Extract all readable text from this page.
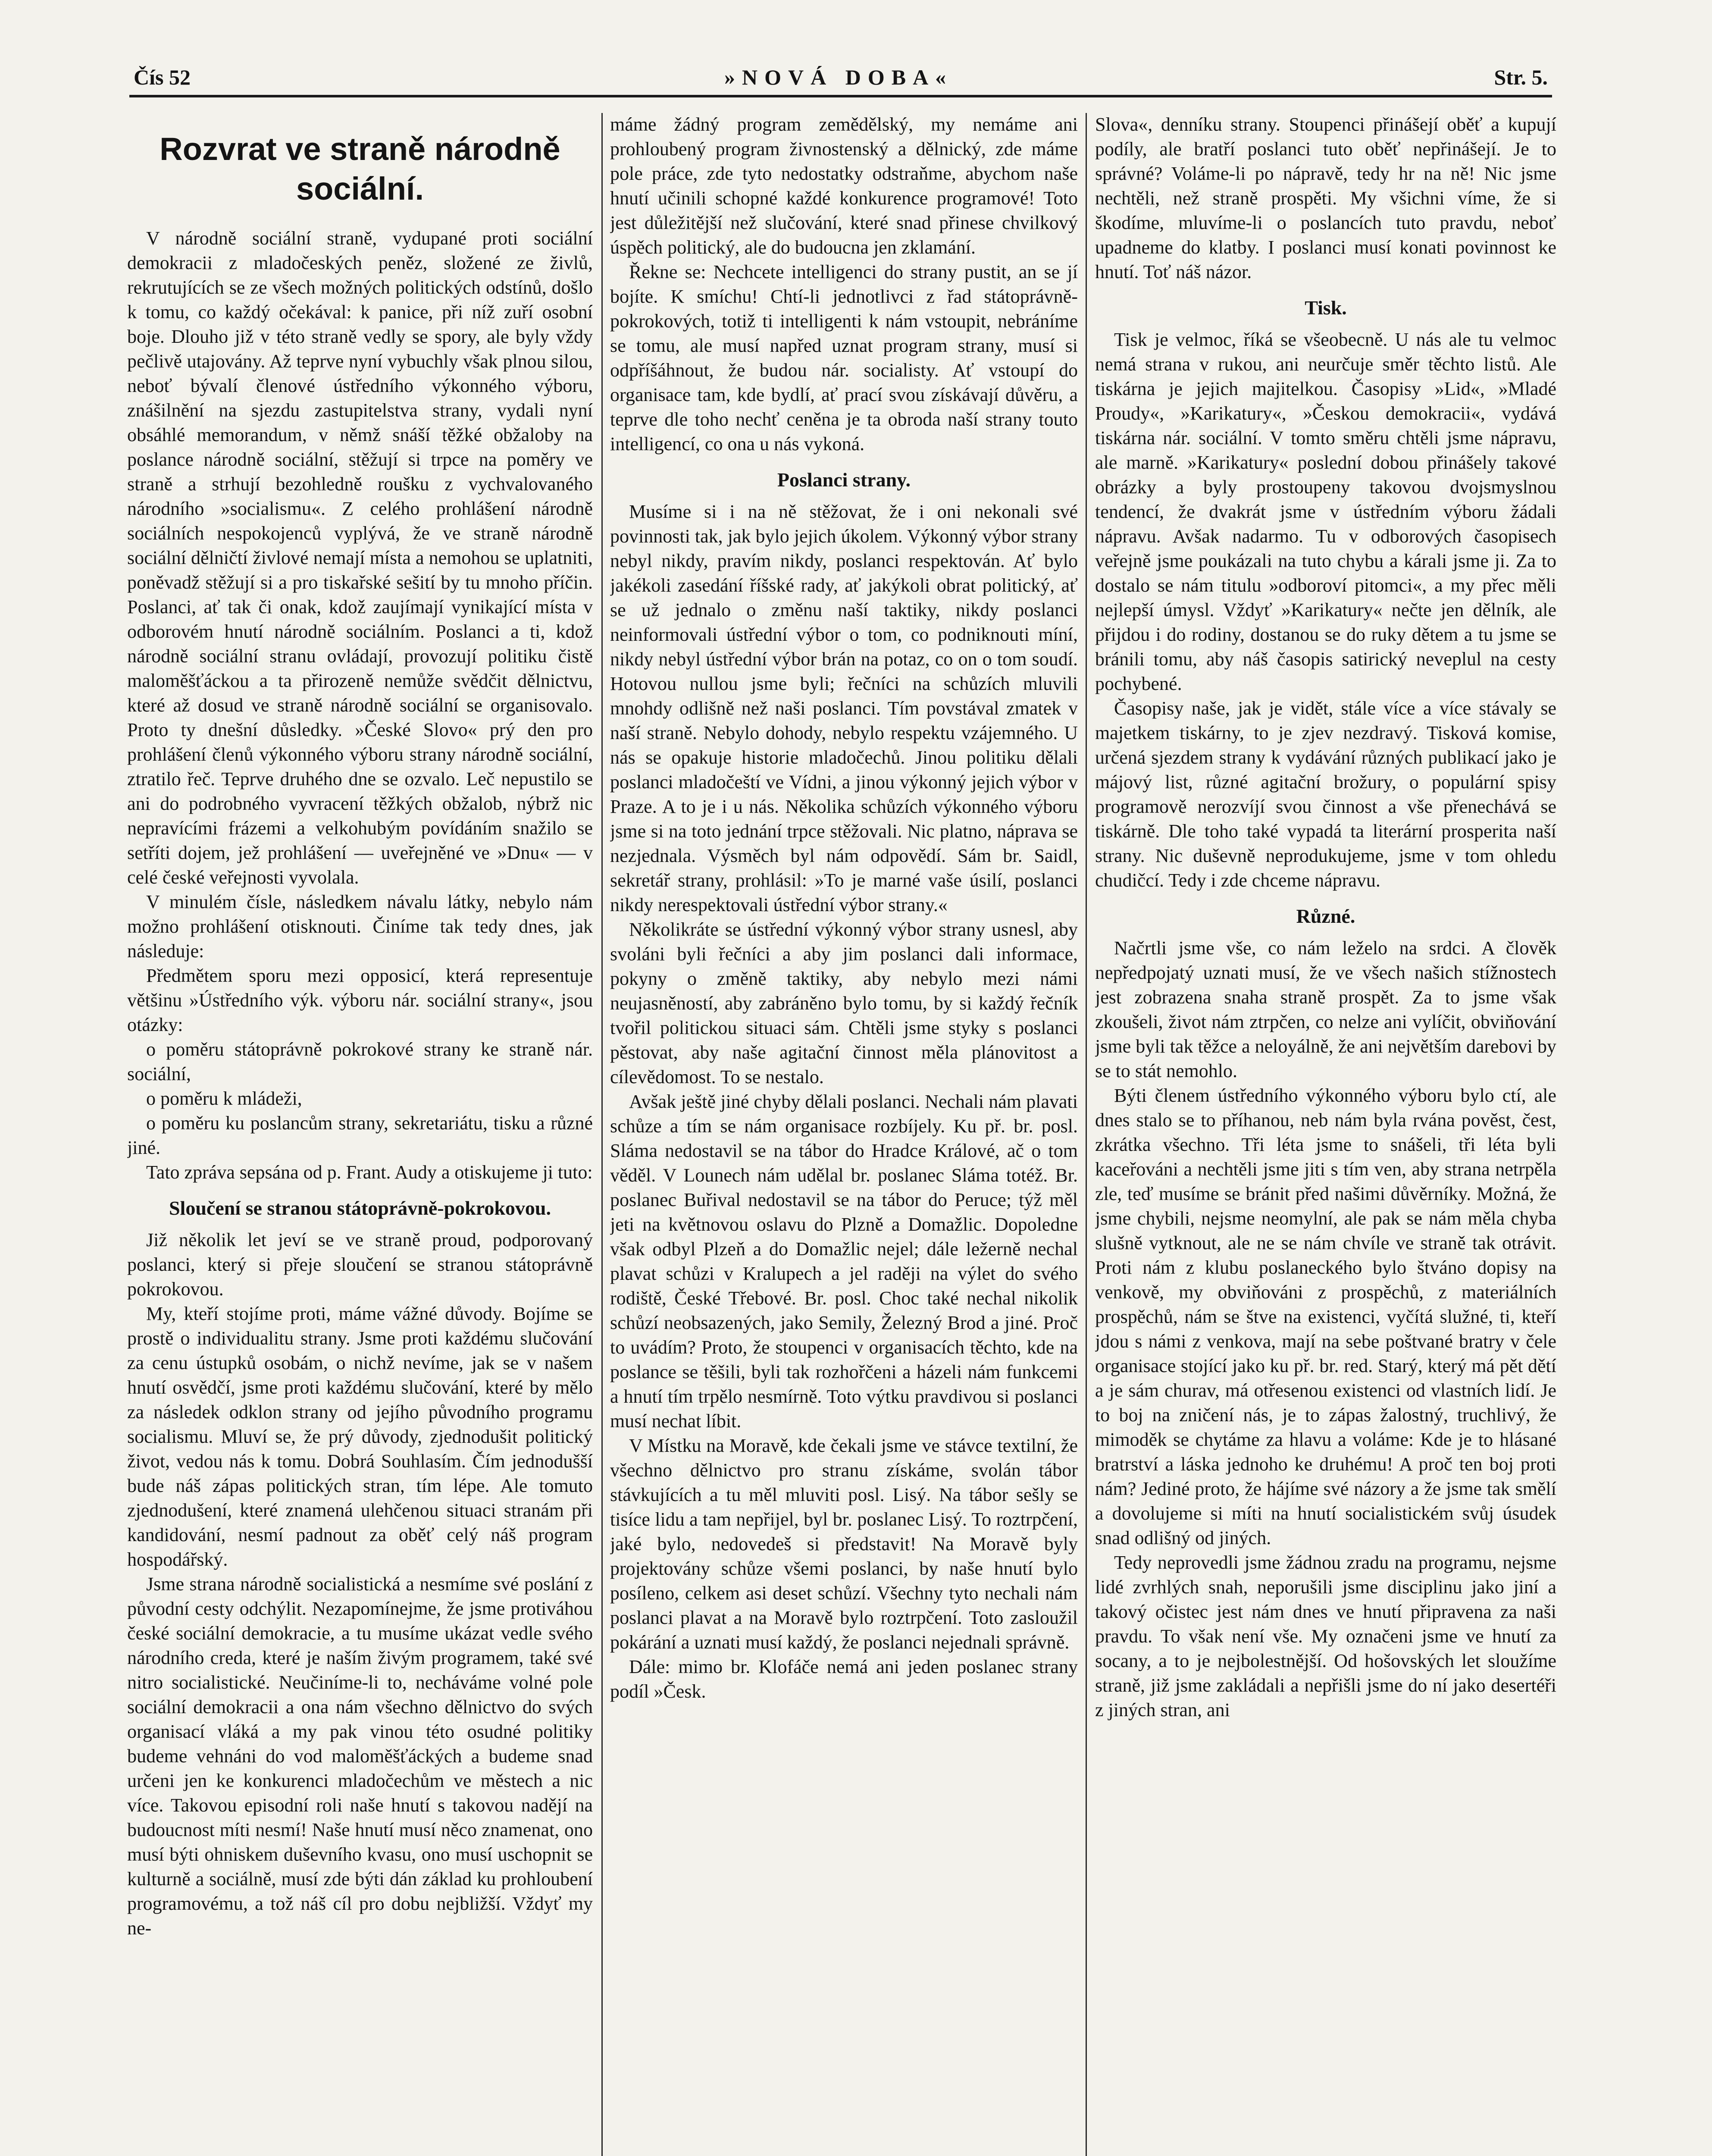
Čís 52	»NOVÁ DOBA«	Str. 5.
Rozvrat ve straně národně sociální.

V národně sociální straně, vydupané proti sociální demokracii z mladočeských peněz, složené ze živlů, rekrutujících se ze všech možných politických odstínů, došlo k tomu, co každý očekával: k panice, při níž zuří osobní boje. Dlouho již v této straně vedly se spory, ale byly vždy pečlivě utajovány. Až teprve nyní vybuchly však plnou silou, neboť bývalí členové ústředního výkonného výboru, znášilnění na sjezdu zastupitelstva strany, vydali nyní obsáhlé memorandum, v němž snáší těžké obžaloby na poslance národně sociální, stěžují si trpce na poměry ve straně a strhují bezohledně roušku z vychvalovaného národního »socialismu«. Z celého prohlášení národně sociálních nespokojenců vyplývá, že ve straně národně sociální dělničtí živlové nemají místa a nemohou se uplatniti, poněvadž stěžují si a pro tiskařské sešití by tu mnoho příčin. Poslanci, ať tak či onak, kdož zaujímají vynikající místa v odborovém hnutí národně sociálním. Poslanci a ti, kdož národně sociální stranu ovládají, provozují politiku čistě maloměšťáckou a ta přirozeně nemůže svědčit dělnictvu, které až dosud ve straně národně sociální se organisovalo. Proto ty dnešní důsledky. »České Slovo« prý den pro prohlášení členů výkonného výboru strany národně sociální, ztratilo řeč. Teprve druhého dne se ozvalo. Leč nepustilo se ani do podrobného vyvracení těžkých obžalob, nýbrž nic nepravícími frázemi a velkohubým povídáním snažilo se setříti dojem, jež prohlášení — uveřejněné ve »Dnu« — v celé české veřejnosti vyvolala.

V minulém čísle, následkem návalu látky, nebylo nám možno prohlášení otisknouti. Činíme tak tedy dnes, jak následuje:

Předmětem sporu mezi opposicí, která representuje většinu »Ústředního výk. výboru nár. sociální strany«, jsou otázky:

o poměru státoprávně pokrokové strany ke straně nár. sociální,

o poměru k mládeži,

o poměru ku poslancům strany, sekretariátu, tisku a různé jiné.

Tato zpráva sepsána od p. Frant. Audy a otiskujeme ji tuto:

Sloučení se stranou státoprávně-pokrokovou.

Již několik let jeví se ve straně proud, podporovaný poslanci, který si přeje sloučení se stranou státoprávně pokrokovou.

My, kteří stojíme proti, máme vážné důvody. Bojíme se prostě o individualitu strany. Jsme proti každému slučování za cenu ústupků osobám, o nichž nevíme, jak se v našem hnutí osvědčí, jsme proti každému slučování, které by mělo za následek odklon strany od jejího původního programu socialismu. Mluví se, že prý důvody, zjednodušit politický život, vedou nás k tomu. Dobrá Souhlasím. Čím jednodušší bude náš zápas politických stran, tím lépe. Ale tomuto zjednodušení, které znamená ulehčenou situaci stranám při kandidování, nesmí padnout za oběť celý náš program hospodářský.

Jsme strana národně socialistická a nesmíme své poslání z původní cesty odchýlit. Nezapomínejme, že jsme protiváhou české sociální demokracie, a tu musíme ukázat vedle svého národního creda, které je naším živým programem, také své nitro socialistické. Neučiníme-li to, necháváme volné pole sociální demokracii a ona nám všechno dělnictvo do svých organisací vláká a my pak vinou této osudné politiky budeme vehnáni do vod maloměšťáckých a budeme snad určeni jen ke konkurenci mladočechům ve městech a nic více. Takovou episodní roli naše hnutí s takovou nadějí na budoucnost míti nesmí! Naše hnutí musí něco znamenat, ono musí býti ohniskem duševního kvasu, ono musí uschopnit se kulturně a sociálně, musí zde býti dán základ ku prohloubení programovému, a tož náš cíl pro dobu nejbližší. Vždyť my ne-

máme žádný program zemědělský, my nemáme ani prohloubený program živnostenský a dělnický, zde máme pole práce, zde tyto nedostatky odstraňme, abychom naše hnutí učinili schopné každé konkurence programové! Toto jest důležitější než slučování, které snad přinese chvilkový úspěch politický, ale do budoucna jen zklamání.

Řekne se: Nechcete intelligenci do strany pustit, an se jí bojíte. K smíchu! Chtí-li jednotlivci z řad státoprávně-pokrokových, totiž ti intelligenti k nám vstoupit, nebráníme se tomu, ale musí napřed uznat program strany, musí si odpříšáhnout, že budou nár. socialisty. Ať vstoupí do organisace tam, kde bydlí, ať prací svou získávají důvěru, a teprve dle toho nechť ceněna je ta obroda naší strany touto intelligencí, co ona u nás vykoná.

Poslanci strany.

Musíme si i na ně stěžovat, že i oni nekonali své povinnosti tak, jak bylo jejich úkolem. Výkonný výbor strany nebyl nikdy, pravím nikdy, poslanci respektován. Ať bylo jakékoli zasedání říšské rady, ať jakýkoli obrat politický, ať se už jednalo o změnu naší taktiky, nikdy poslanci neinformovali ústřední výbor o tom, co podniknouti míní, nikdy nebyl ústřední výbor brán na potaz, co on o tom soudí. Hotovou nullou jsme byli; řečníci na schůzích mluvili mnohdy odlišně než naši poslanci. Tím povstával zmatek v naší straně. Nebylo dohody, nebylo respektu vzájemného. U nás se opakuje historie mladočechů. Jinou politiku dělali poslanci mladočeští ve Vídni, a jinou výkonný jejich výbor v Praze. A to je i u nás. Několika schůzích výkonného výboru jsme si na toto jednání trpce stěžovali. Nic platno, náprava se nezjednala. Výsměch byl nám odpovědí. Sám br. Saidl, sekretář strany, prohlásil: »To je marné vaše úsilí, poslanci nikdy nerespektovali ústřední výbor strany.«

Několikráte se ústřední výkonný výbor strany usnesl, aby svoláni byli řečníci a aby jim poslanci dali informace, pokyny o změně taktiky, aby nebylo mezi námi neujasněností, aby zabráněno bylo tomu, by si každý řečník tvořil politickou situaci sám. Chtěli jsme styky s poslanci pěstovat, aby naše agitační činnost měla plánovitost a cílevědomost. To se nestalo.

Avšak ještě jiné chyby dělali poslanci. Nechali nám plavati schůze a tím se nám organisace rozbíjely. Ku př. br. posl. Sláma nedostavil se na tábor do Hradce Králové, ač o tom věděl. V Lounech nám udělal br. poslanec Sláma totéž. Br. poslanec Buřival nedostavil se na tábor do Peruce; týž měl jeti na květnovou oslavu do Plzně a Domažlic. Dopoledne však odbyl Plzeň a do Domažlic nejel; dále ležerně nechal plavat schůzi v Kralupech a jel raději na výlet do svého rodiště, České Třebové. Br. posl. Choc také nechal nikolik schůzí neobsazených, jako Semily, Železný Brod a jiné. Proč to uvádím? Proto, že stoupenci v organisacích těchto, kde na poslance se těšili, byli tak rozhořčeni a házeli nám funkcemi a hnutí tím trpělo nesmírně. Toto výtku pravdivou si poslanci musí nechat líbit.

V Místku na Moravě, kde čekali jsme ve stávce textilní, že všechno dělnictvo pro stranu získáme, svolán tábor stávkujících a tu měl mluviti posl. Lisý. Na tábor sešly se tisíce lidu a tam nepřijel, byl br. poslanec Lisý. To roztrpčení, jaké bylo, nedovedeš si představit! Na Moravě byly projektovány schůze všemi poslanci, by naše hnutí bylo posíleno, celkem asi deset schůzí. Všechny tyto nechali nám poslanci plavat a na Moravě bylo roztrpčení. Toto zasloužil pokárání a uznati musí každý, že poslanci nejednali správně.

Dále: mimo br. Klofáče nemá ani jeden poslanec strany podíl »Česk.

Slova«, denníku strany. Stoupenci přinášejí oběť a kupují podíly, ale bratří poslanci tuto oběť nepřinášejí. Je to správné? Voláme-li po nápravě, tedy hr na ně! Nic jsme nechtěli, než straně prospěti. My všichni víme, že si škodíme, mluvíme-li o poslancích tuto pravdu, neboť upadneme do klatby. I poslanci musí konati povinnost ke hnutí. Toť náš názor.

Tisk.

Tisk je velmoc, říká se všeobecně. U nás ale tu velmoc nemá strana v rukou, ani neurčuje směr těchto listů. Ale tiskárna je jejich majitelkou. Časopisy »Lid«, »Mladé Proudy«, »Karikatury«, »Českou demokracii«, vydává tiskárna nár. sociální. V tomto směru chtěli jsme nápravu, ale marně. »Karikatury« poslední dobou přinášely takové obrázky a byly prostoupeny takovou dvojsmyslnou tendencí, že dvakrát jsme v ústředním výboru žádali nápravu. Avšak nadarmo. Tu v odborových časopisech veřejně jsme poukázali na tuto chybu a kárali jsme ji. Za to dostalo se nám titulu »odboroví pitomci«, a my přec měli nejlepší úmysl. Vždyť »Karikatury« nečte jen dělník, ale přijdou i do rodiny, dostanou se do ruky dětem a tu jsme se bránili tomu, aby náš časopis satirický neveplul na cesty pochybené.

Časopisy naše, jak je vidět, stále více a více stávaly se majetkem tiskárny, to je zjev nezdravý. Tisková komise, určená sjezdem strany k vydávání různých publikací jako je májový list, různé agitační brožury, o populární spisy programově nerozvíjí svou činnost a vše přenechává se tiskárně. Dle toho také vypadá ta literární prosperita naší strany. Nic duševně neprodukujeme, jsme v tom ohledu chudičcí. Tedy i zde chceme nápravu.

Různé.

Načrtli jsme vše, co nám leželo na srdci. A člověk nepředpojatý uznati musí, že ve všech našich stížnostech jest zobrazena snaha straně prospět. Za to jsme však zkoušeli, život nám ztrpčen, co nelze ani vylíčit, obviňování jsme byli tak těžce a neloyálně, že ani největším darebovi by se to stát nemohlo.

Býti členem ústředního výkonného výboru bylo ctí, ale dnes stalo se to příhanou, neb nám byla rvána pověst, čest, zkrátka všechno. Tři léta jsme to snášeli, tři léta byli kaceřováni a nechtěli jsme jiti s tím ven, aby strana netrpěla zle, teď musíme se bránit před našimi důvěrníky. Možná, že jsme chybili, nejsme neomylní, ale pak se nám měla chyba slušně vytknout, ale ne se nám chvíle ve straně tak otrávit. Proti nám z klubu poslaneckého bylo štváno dopisy na venkově, my obviňováni z prospěchů, z materiálních prospěchů, nám se štve na existenci, vyčítá služné, ti, kteří jdou s námi z venkova, mají na sebe poštvané bratry v čele organisace stojící jako ku př. br. red. Starý, který má pět dětí a je sám churav, má otřesenou existenci od vlastních lidí. Je to boj na zničení nás, je to zápas žalostný, truchlivý, že mimoděk se chytáme za hlavu a voláme: Kde je to hlásané bratrství a láska jednoho ke druhému! A proč ten boj proti nám? Jediné proto, že hájíme své názory a že jsme tak smělí a dovolujeme si míti na hnutí socialistickém svůj úsudek snad odlišný od jiných.

Tedy neprovedli jsme žádnou zradu na programu, nejsme lidé zvrhlých snah, neporušili jsme disciplinu jako jiní a takový očistec jest nám dnes ve hnutí připravena za naši pravdu. To však není vše. My označeni jsme ve hnutí za socany, a to je nejbolestnější. Od hošovských let sloužíme straně, již jsme zakládali a nepřišli jsme do ní jako desertéři z jiných stran, ani
